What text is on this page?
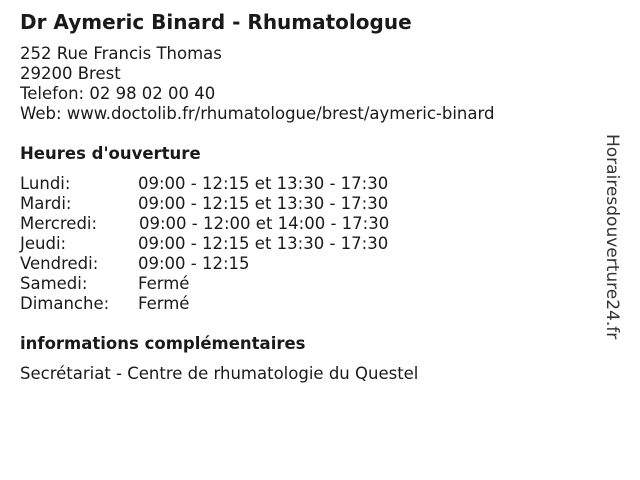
Dr Aymeric Binard - Rhumatologue
252 Rue Francis Thomas
29200 Brest
Telefon: 02 98 02 00 40
Web: www.doctolib.fr/rhumatologue/brest/aymeric-binard
Heures d'ouverture
Lundi:	09:00 - 12:15 et 13:30 - 17:30
Mardi:	09:00 - 12:15 et 13:30 - 17:30
Mercredi:	09:00 - 12:00 et 14:00 - 17:30
Jeudi:	09:00 - 12:15 et 13:30 - 17:30
Vendredi: 09:00 - 12:15
Samedi:	Fermé
Dimanche: Fermé
informations complémentaires
Secrétariat - Centre de rhumatologie du Questel
Horairesdouverture24.fr
